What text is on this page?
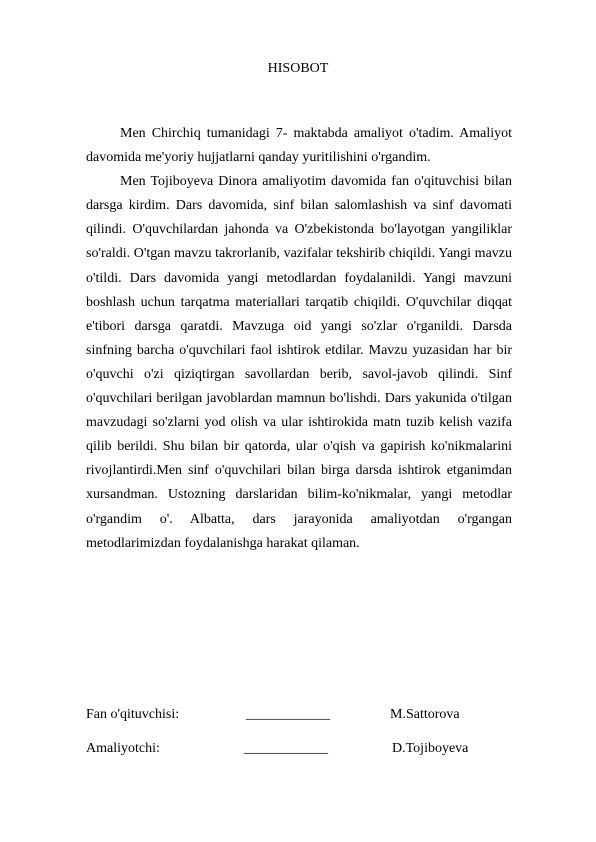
HISOBOT

Men Chirchiq tumanidagi 7- maktabda amaliyot o'tadim. Amaliyot davomida me'yoriy hujjatlarni qanday yuritilishini o'rgandim.

Men Tojiboyeva Dinora amaliyotim davomida fan o'qituvchisi bilan darsga kirdim. Dars davomida, sinf bilan salomlashish va sinf davomati qilindi. O'quvchilardan jahonda va O'zbekistonda bo'layotgan yangiliklar so'raldi. O'tgan mavzu takrorlanib, vazifalar tekshirib chiqildi. Yangi mavzu o'tildi. Dars davomida yangi metodlardan foydalanildi. Yangi mavzuni boshlash uchun tarqatma materiallari tarqatib chiqildi. O'quvchilar diqqat e'tibori darsga qaratdi. Mavzuga oid yangi so'zlar o'rganildi. Darsda sinfning barcha o'quvchilari faol ishtirok etdilar. Mavzu yuzasidan har bir o'quvchi o'zi qiziqtirgan savollardan berib, savol-javob qilindi. Sinf o'quvchilari berilgan javoblardan mamnun bo'lishdi. Dars yakunida o'tilgan mavzudagi so'zlarni yod olish va ular ishtirokida matn tuzib kelish vazifa qilib berildi. Shu bilan bir qatorda, ular o'qish va gapirish ko'nikmalarini rivojlantirdi.Men sinf o'quvchilari bilan birga darsda ishtirok etganimdan xursandman. Ustozning darslaridan bilim-ko'nikmalar, yangi metodlar o'rgandim o'. Albatta, dars jarayonida amaliyotdan o'rgangan metodlarimizdan foydalanishga harakat qilaman.

Fan o'qituvchisi:	____________	M.Sattorova
Amaliyotchi:	____________	D.Tojiboyeva
